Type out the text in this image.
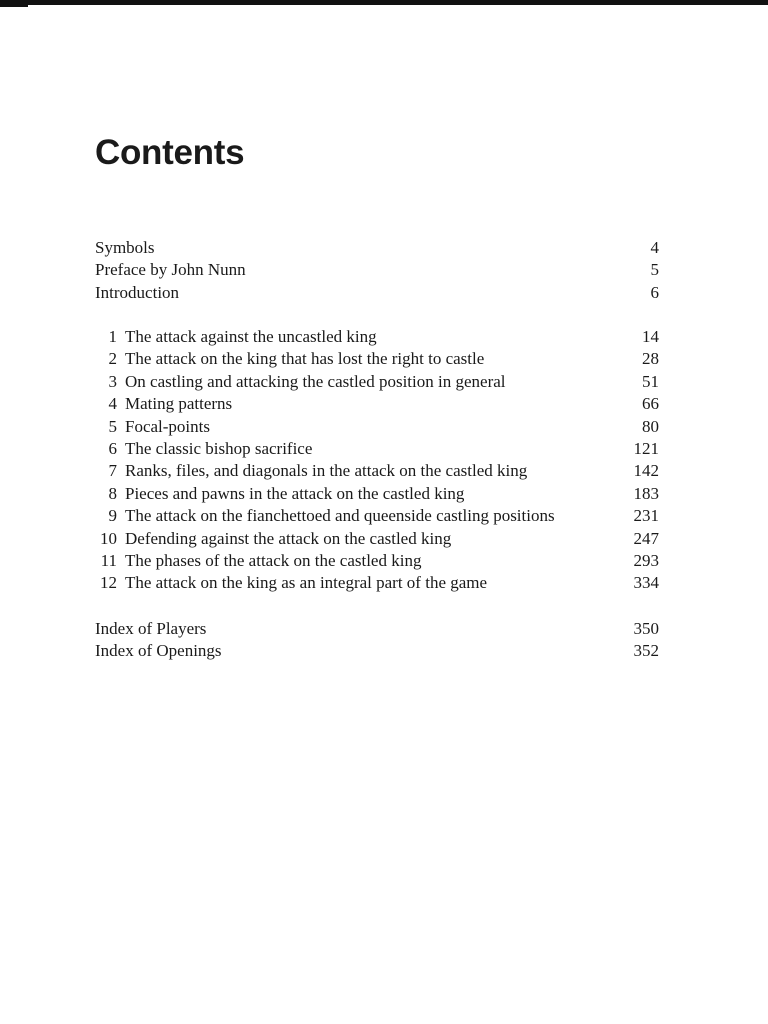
Contents
Symbols	4
Preface by John Nunn	5
Introduction	6
1 The attack against the uncastled king	14
2 The attack on the king that has lost the right to castle	28
3 On castling and attacking the castled position in general	51
4 Mating patterns	66
5 Focal-points	80
6 The classic bishop sacrifice	121
7 Ranks, files, and diagonals in the attack on the castled king	142
8 Pieces and pawns in the attack on the castled king	183
9 The attack on the fianchettoed and queenside castling positions	231
10 Defending against the attack on the castled king	247
11 The phases of the attack on the castled king	293
12 The attack on the king as an integral part of the game	334
Index of Players	350
Index of Openings	352
